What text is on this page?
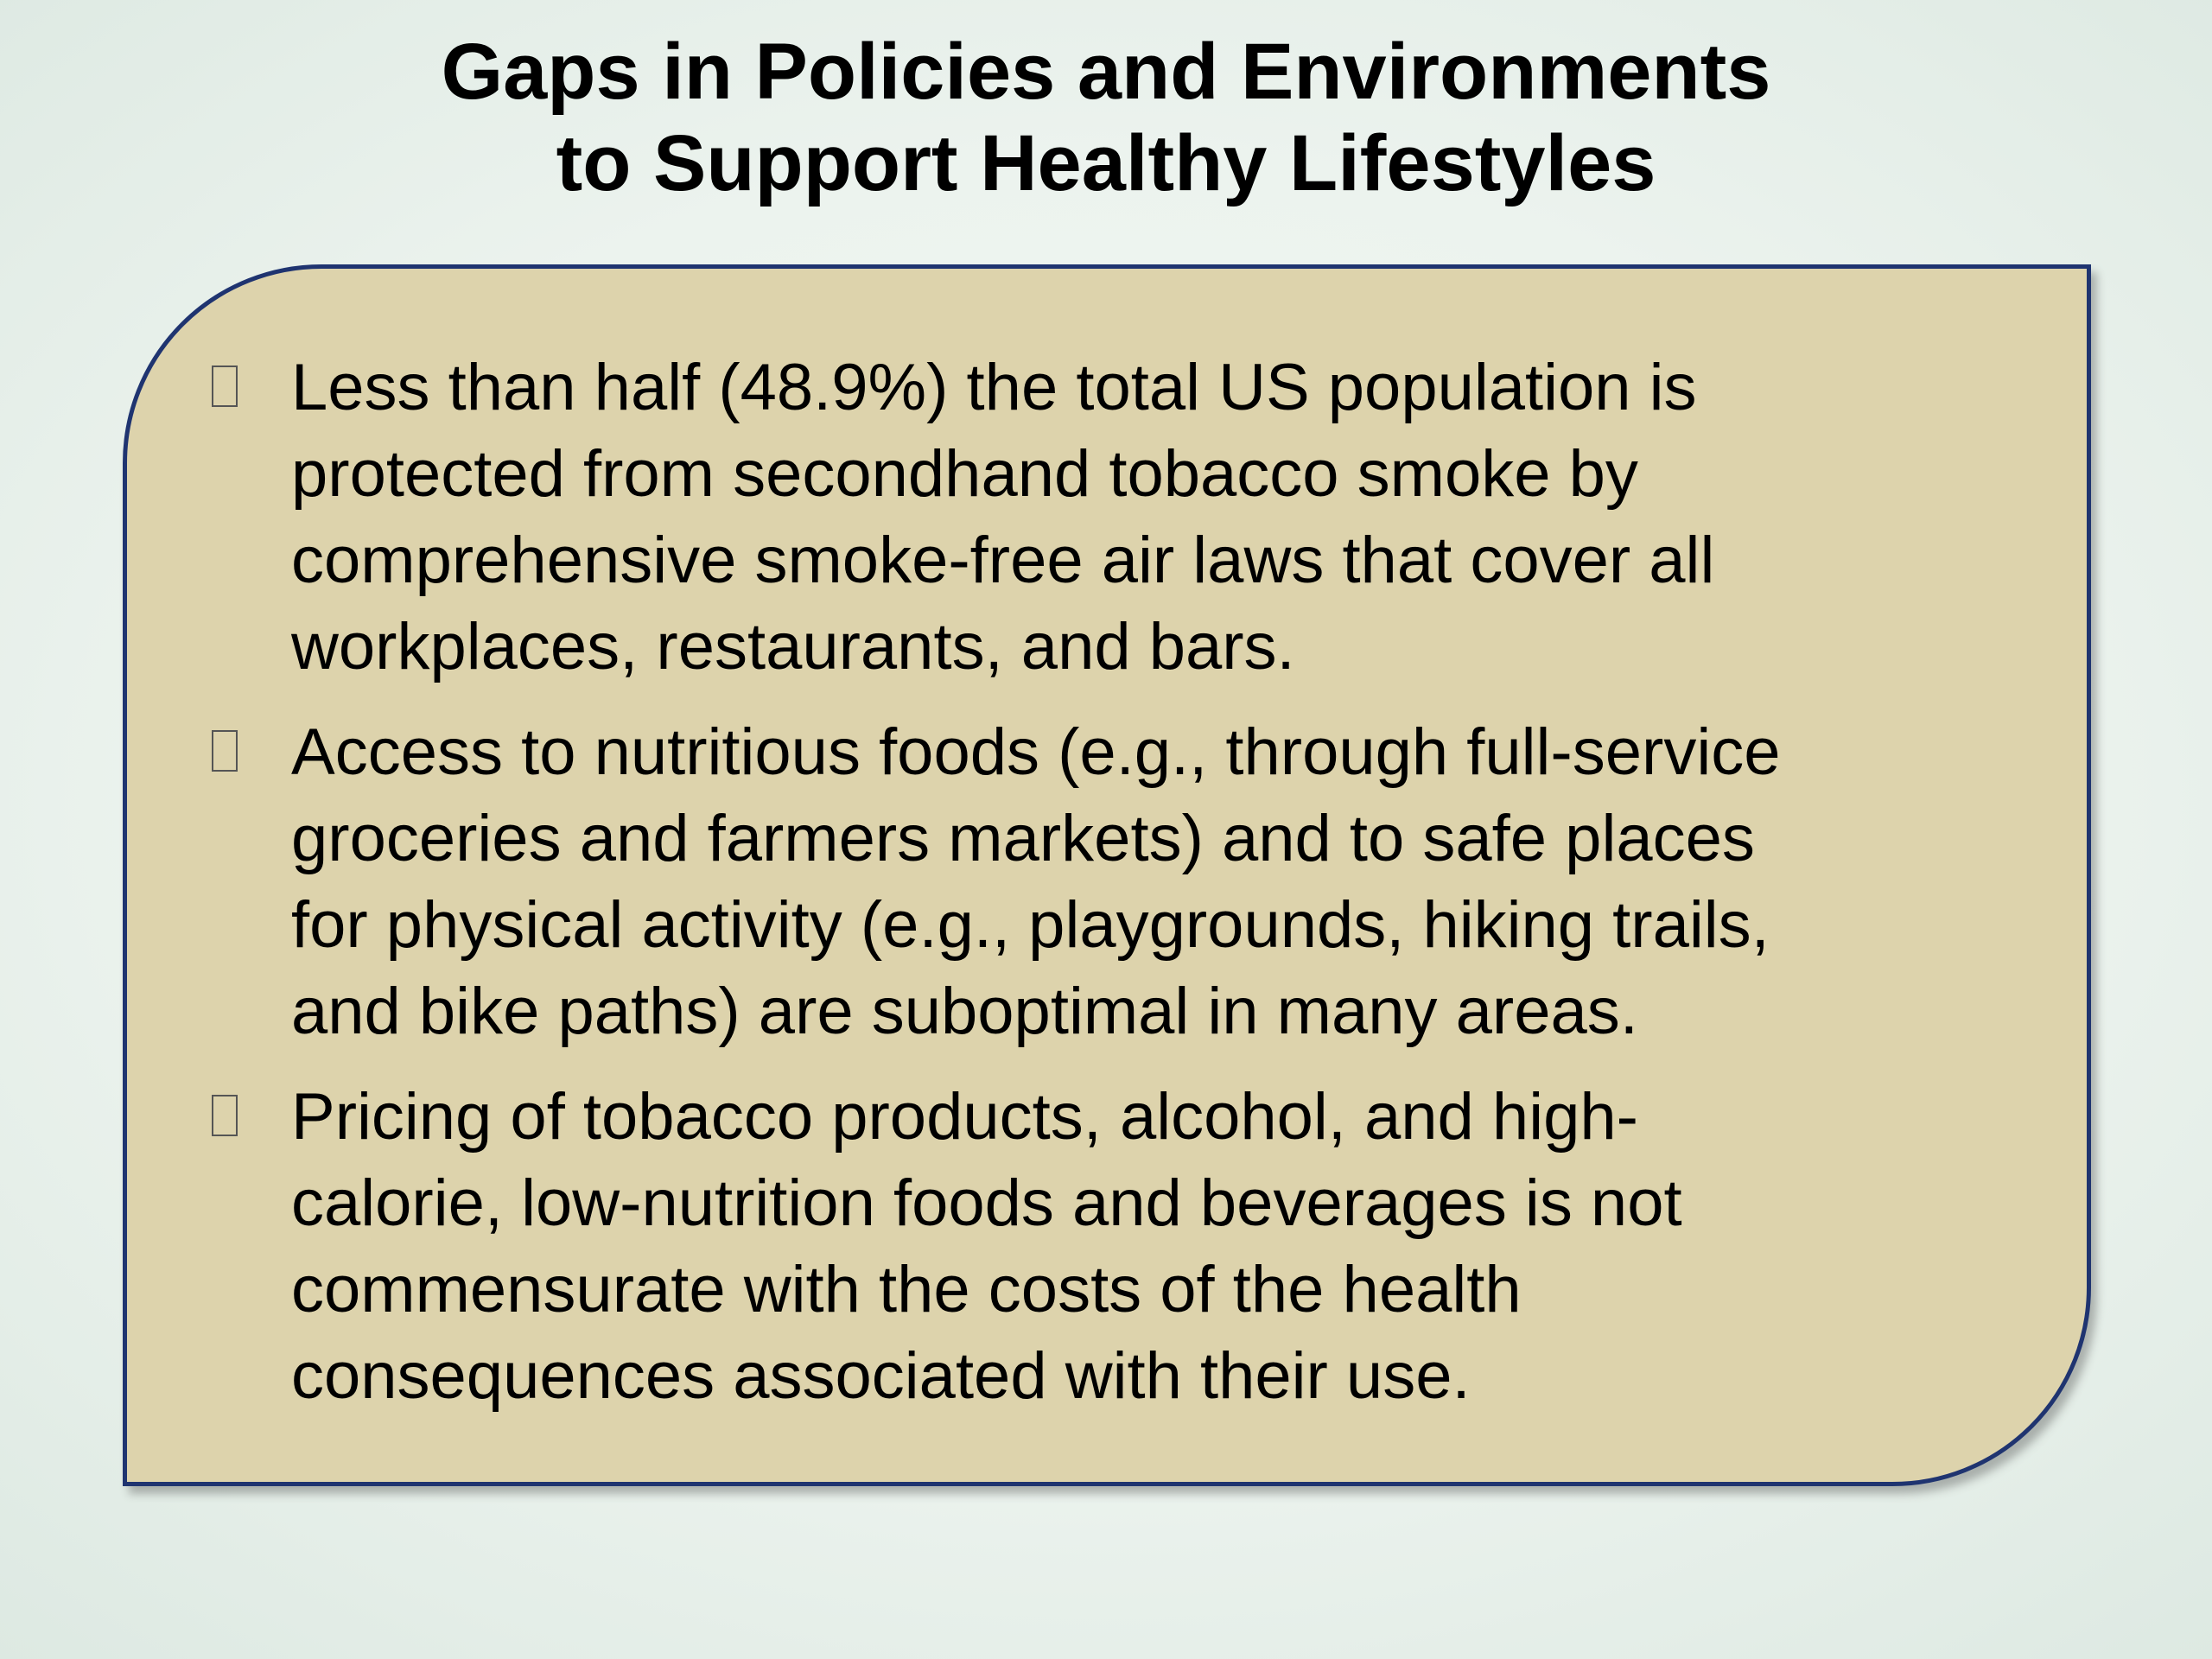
Gaps in Policies and Environments
to Support Healthy Lifestyles
Less than half (48.9%) the total US population is
protected from secondhand tobacco smoke by
comprehensive smoke-free air laws that cover all
workplaces, restaurants, and bars.
Access to nutritious foods (e.g., through full-service
groceries and farmers markets) and to safe places
for physical activity (e.g., playgrounds, hiking trails,
and bike paths) are suboptimal in many areas.
Pricing of tobacco products, alcohol, and high-
calorie, low-nutrition foods and beverages is not
commensurate with the costs of the health
consequences associated with their use.
